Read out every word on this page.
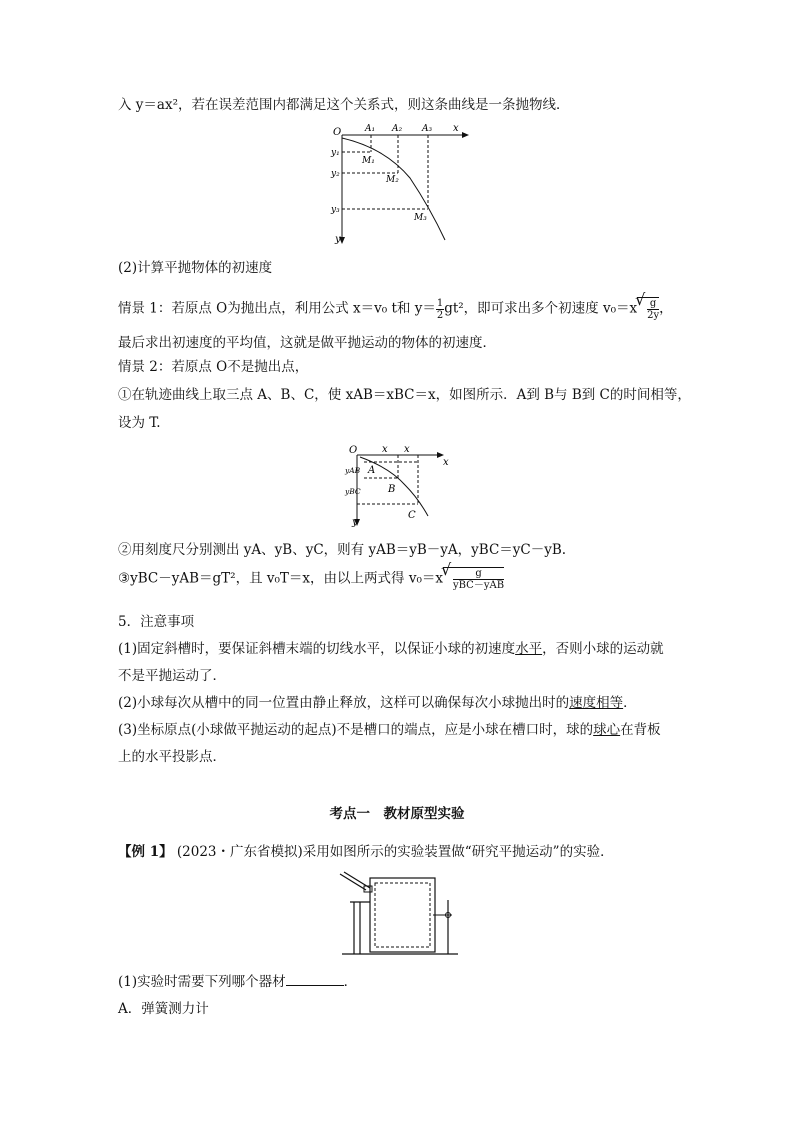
入 y＝ax²，若在误差范围内都满足这个关系式，则这条曲线是一条抛物线．
O	A₁ A₂ A₃ x
y₁
y₂
y₃
y
M₁
M₂
M₃
(2)计算平抛物体的初速度
情景 1：若原点 O为抛出点，利用公式 x＝v₀ t和 $y= \frac{1}{2} gt^2$，即可求出多个初速度 v₀＝x √ $\frac{g}{2y}$ ，
最后求出初速度的平均值，这就是做平抛运动的物体的初速度．
情景 2：若原点 O不是抛出点，
①在轨迹曲线上取三点 A、B、C，使 xAB＝xBC＝x，如图所示．A到 B与 B到 C的时间相等，
设为 T.
O x x
x
yAB
yBC
A
B
C
y
②用刻度尺分别测出 yA、yB、yC，则有 yAB＝yB－yA，yBC＝yC－yB.
③yBC－yAB＝gT²，且 v₀T＝x，由以上两式得 v₀＝x √ $\frac{g}{\text{yBC－yAB}}$
5．注意事项
(1)固定斜槽时，要保证斜槽末端的切线水平，以保证小球的初速度水平，否则小球的运动就
不是平抛运动了．
(2)小球每次从槽中的同一位置由静止释放，这样可以确保每次小球抛出时的速度相等．
(3)坐标原点(小球做平抛运动的起点)不是槽口的端点，应是小球在槽口时，球的球心在背板
上的水平投影点．
考点一　教材原型实验
【例 1】 (2023・广东省模拟)采用如图所示的实验装置做“研究平抛运动”的实验．
(1)实验时需要下列哪个器材	．
A．弹簧测力计
